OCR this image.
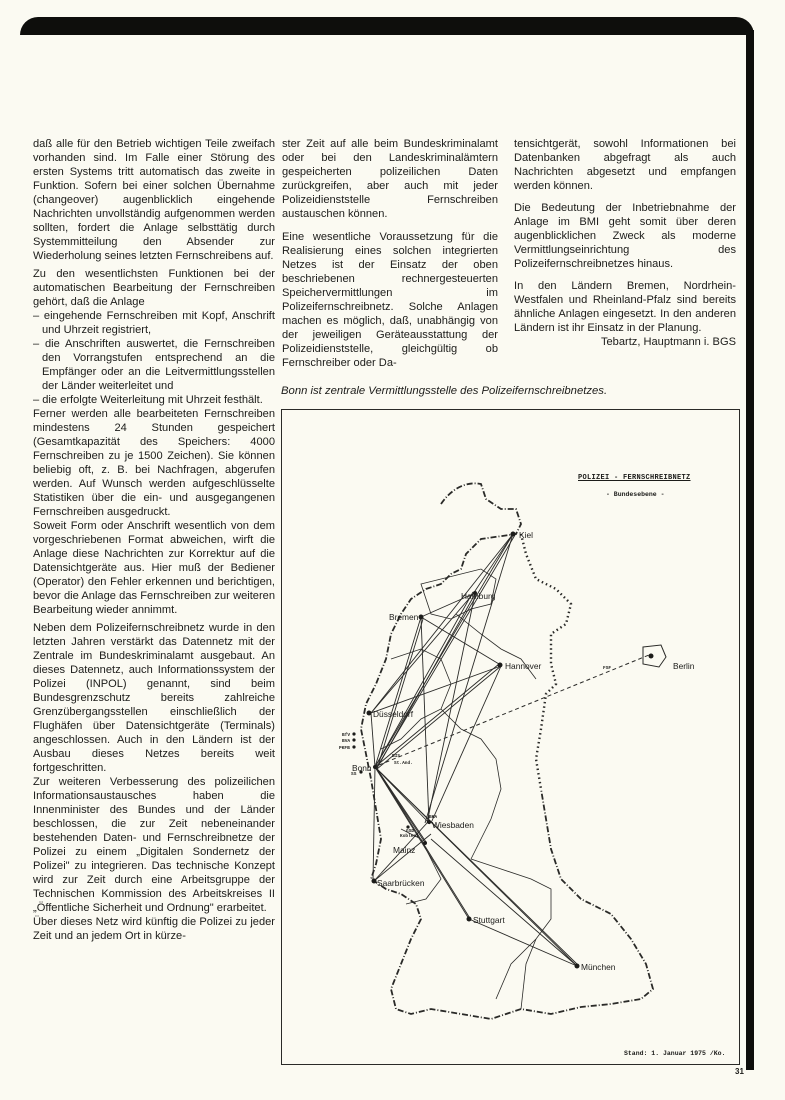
daß alle für den Betrieb wichtigen Teile zweifach vorhanden sind. Im Falle einer Störung des ersten Systems tritt automatisch das zweite in Funktion. Sofern bei einer solchen Übernahme (changeover) augenblicklich eingehende Nachrichten unvollständig aufgenommen werden sollten, fordert die Anlage selbsttätig durch Systemmitteilung den Absender zur Wiederholung seines letzten Fernschreibens auf.

Zu den wesentlichsten Funktionen bei der automatischen Bearbeitung der Fernschreiben gehört, daß die Anlage

– eingehende Fernschreiben mit Kopf, Anschrift und Uhrzeit registriert,
– die Anschriften auswertet, die Fernschreiben den Vorrangstufen entsprechend an die Empfänger oder an die Leitvermittlungsstellen der Länder weiterleitet und
– die erfolgte Weiterleitung mit Uhrzeit festhält.

Ferner werden alle bearbeiteten Fernschreiben mindestens 24 Stunden gespeichert (Gesamtkapazität des Speichers: 4000 Fernschreiben zu je 1500 Zeichen). Sie können beliebig oft, z. B. bei Nachfragen, abgerufen werden. Auf Wunsch werden aufgeschlüsselte Statistiken über die ein- und ausgegangenen Fernschreiben ausgedruckt.

Soweit Form oder Anschrift wesentlich von dem vorgeschriebenen Format abweichen, wirft die Anlage diese Nachrichten zur Korrektur auf die Datensichtgeräte aus. Hier muß der Bediener (Operator) den Fehler erkennen und berichtigen, bevor die Anlage das Fernschreiben zur weiteren Bearbeitung wieder annimmt.

Neben dem Polizeifernschreibnetz wurde in den letzten Jahren verstärkt das Datennetz mit der Zentrale im Bundeskriminalamt ausgebaut. An dieses Datennetz, auch Informationssystem der Polizei (INPOL) genannt, sind beim Bundesgrenzschutz bereits zahlreiche Grenzübergangsstellen einschließlich der Flughäfen über Datensichtgeräte (Terminals) angeschlossen. Auch in den Ländern ist der Ausbau dieses Netzes bereits weit fortgeschritten.

Zur weiteren Verbesserung des polizeilichen Informationsaustausches haben die Innenminister des Bundes und der Länder beschlossen, die zur Zeit nebeneinander bestehenden Daten- und Fernschreibnetze der Polizei zu einem „Digitalen Sondernetz der Polizei" zu integrieren. Das technische Konzept wird zur Zeit durch eine Arbeitsgruppe der Technischen Kommission des Arbeitskreises II „Öffentliche Sicherheit und Ordnung" erarbeitet.

Über dieses Netz wird künftig die Polizei zu jeder Zeit und an jedem Ort in kürze-

ster Zeit auf alle beim Bundeskriminalamt oder bei den Landeskriminalämtern gespeicherten polizeilichen Daten zurückgreifen, aber auch mit jeder Polizeidienststelle Fernschreiben austauschen können.

Eine wesentliche Voraussetzung für die Realisierung eines solchen integrierten Netzes ist der Einsatz der oben beschriebenen rechnergesteuerten Speichervermittlungen im Polizeifernschreibnetz. Solche Anlagen machen es möglich, daß, unabhängig von der jeweiligen Geräteausstattung der Polizeidienststelle, gleichgültig ob Fernschreiber oder Da-

tensichtgerät, sowohl Informationen bei Datenbanken abgefragt als auch Nachrichten abgesetzt und empfangen werden können.

Die Bedeutung der Inbetriebnahme der Anlage im BMI geht somit über deren augenblicklichen Zweck als moderne Vermittlungseinrichtung des Polizeifernschreibnetzes hinaus.

In den Ländern Bremen, Nordrhein-Westfalen und Rheinland-Pfalz sind bereits ähnliche Anlagen eingesetzt. In den anderen Ländern ist ihr Einsatz in der Planung.

Tebartz, Hauptmann i. BGS

Bonn ist zentrale Vermittlungsstelle des Polizeifernschreibnetzes.
Kiel
Hamburg
Bremen
Hannover	Berlin
Düsseldorf
Bonn
Wiesbaden
Mainz
Saarbrücken
Stuttgart
München
Koblenz
BfV
BVA
PKFB
SS
BKA
GSD
BIS
St.And.
FSF
POLIZEI - FERNSCHREIBNETZ
- Bundesebene -
Stand: 1. Januar 1975 /Ko.
31
